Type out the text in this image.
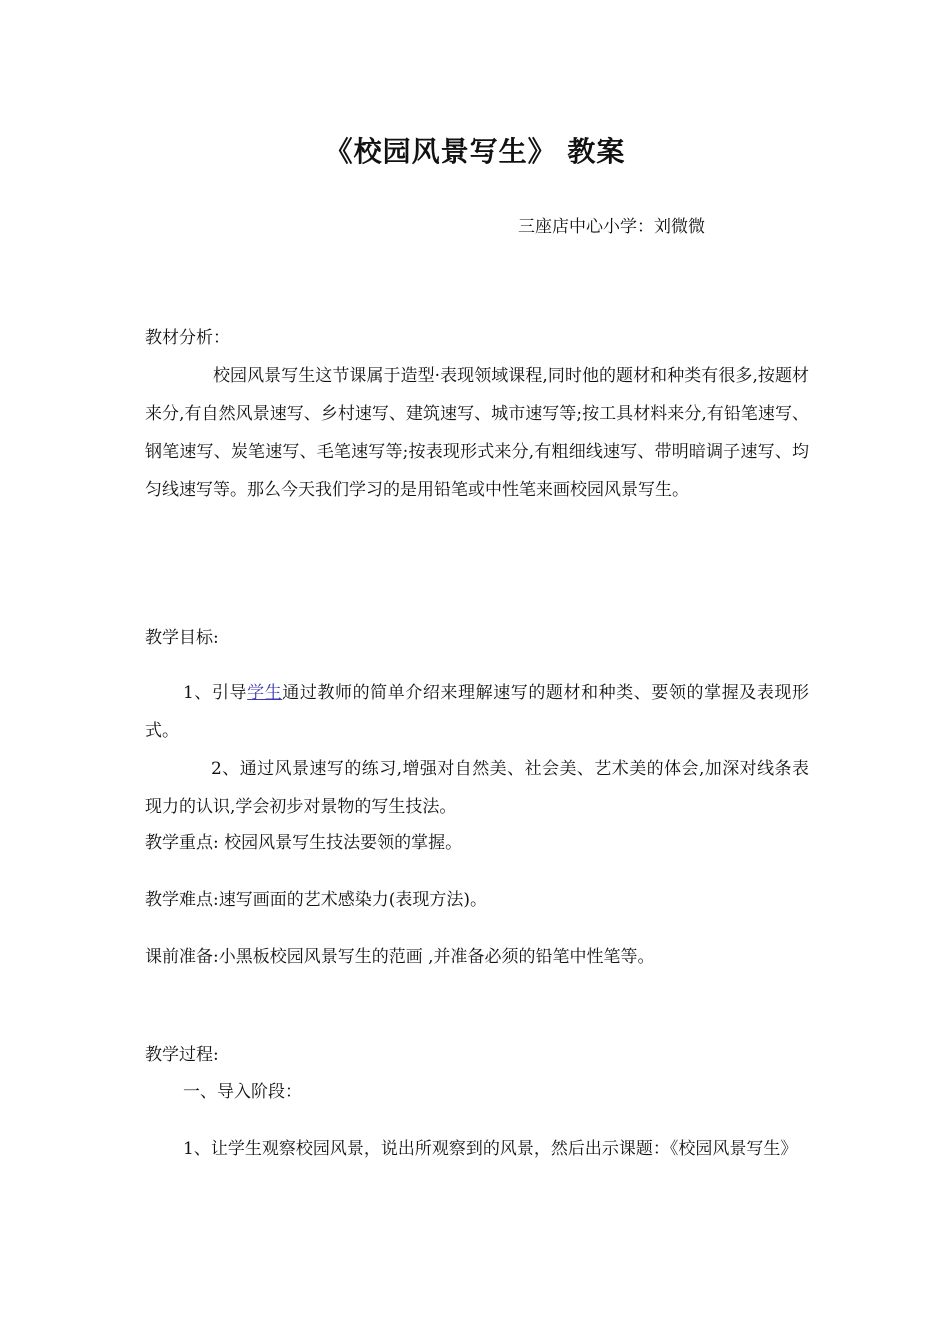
《校园风景写生》 教案
三座店中心小学：刘微微
教材分析：
校园风景写生这节课属于造型·表现领域课程,同时他的题材和种类有很多,按题材来分,有自然风景速写、乡村速写、建筑速写、城市速写等;按工具材料来分,有铅笔速写、钢笔速写、炭笔速写、毛笔速写等;按表现形式来分,有粗细线速写、带明暗调子速写、均匀线速写等。那么今天我们学习的是用铅笔或中性笔来画校园风景写生。
教学目标:
1、引导学生通过教师的简单介绍来理解速写的题材和种类、要领的掌握及表现形式。
2、通过风景速写的练习,增强对自然美、社会美、艺术美的体会,加深对线条表现力的认识,学会初步对景物的写生技法。
教学重点: 校园风景写生技法要领的掌握。
教学难点:速写画面的艺术感染力(表现方法)。
课前准备:小黑板校园风景写生的范画 ,并准备必须的铅笔中性笔等。
教学过程:
一、导入阶段：
1、让学生观察校园风景，说出所观察到的风景，然后出示课题：《校园风景写生》
